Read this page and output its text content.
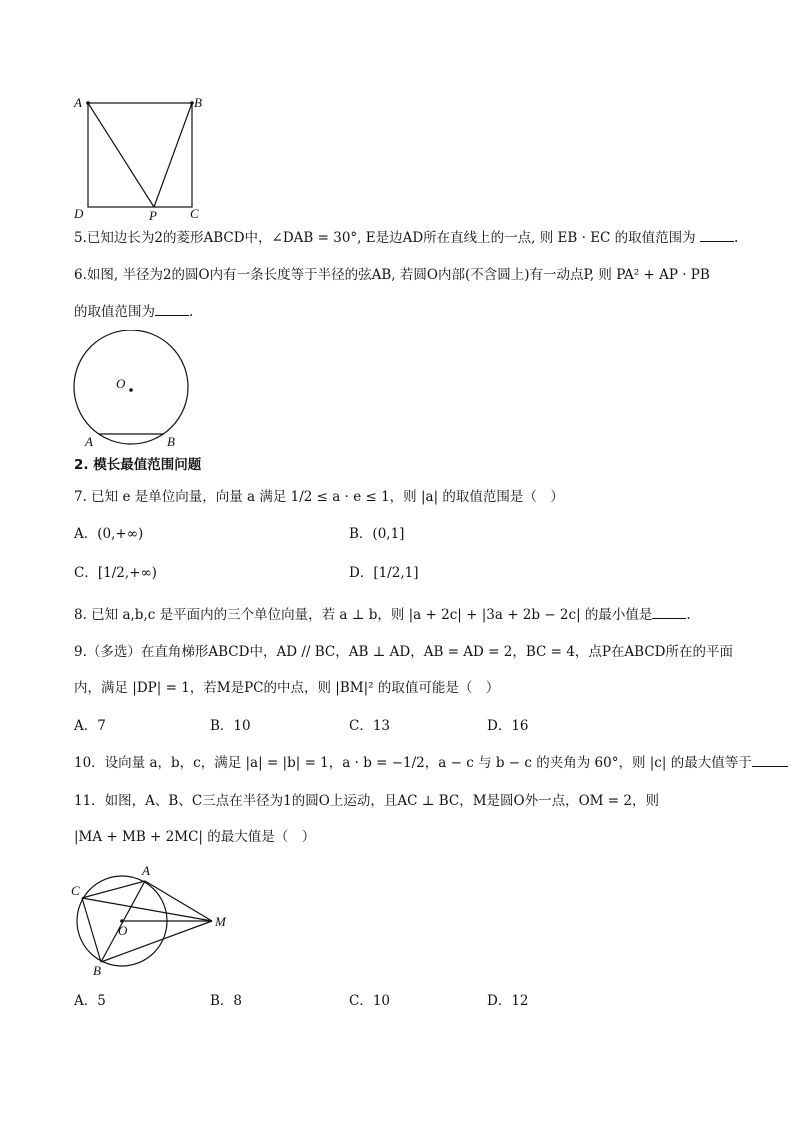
A	B
C
D	P
5.已知边长为2的菱形ABCD中，∠DAB = 30°, E是边AD所在直线上的一点, 则 EB · EC 的取值范围为	.
6.如图, 半径为2的圆O内有一条长度等于半径的弦AB, 若圆O内部(不含圆上)有一动点P, 则 PA² + AP · PB
的取值范围为	.
O
A	B
2. 模长最值范围问题
7. 已知 e 是单位向量，向量 a 满足 1/2 ≤ a · e ≤ 1，则 |a| 的取值范围是（　）
A．(0,+∞)	B．(0,1]
C．[1/2,+∞)	D．[1/2,1]
8. 已知 a,b,c 是平面内的三个单位向量，若 a ⊥ b，则 |a + 2c| + |3a + 2b − 2c| 的最小值是	.
9.（多选）在直角梯形ABCD中，AD // BC，AB ⊥ AD，AB = AD = 2，BC = 4，点P在ABCD所在的平面
内，满足 |DP| = 1，若M是PC的中点，则 |BM|² 的取值可能是（　）
A．7	B．10	C．13	D．16
10．设向量 a，b，c，满足 |a| = |b| = 1，a · b = −1/2，a − c 与 b − c 的夹角为 60°，则 |c| 的最大值等于
11．如图，A、B、C三点在半径为1的圆O上运动，且AC ⊥ BC，M是圆O外一点，OM = 2，则
|MA + MB + 2MC| 的最大值是（　）
C
A
O
M
B
A．5	B．8	C．10	D．12
